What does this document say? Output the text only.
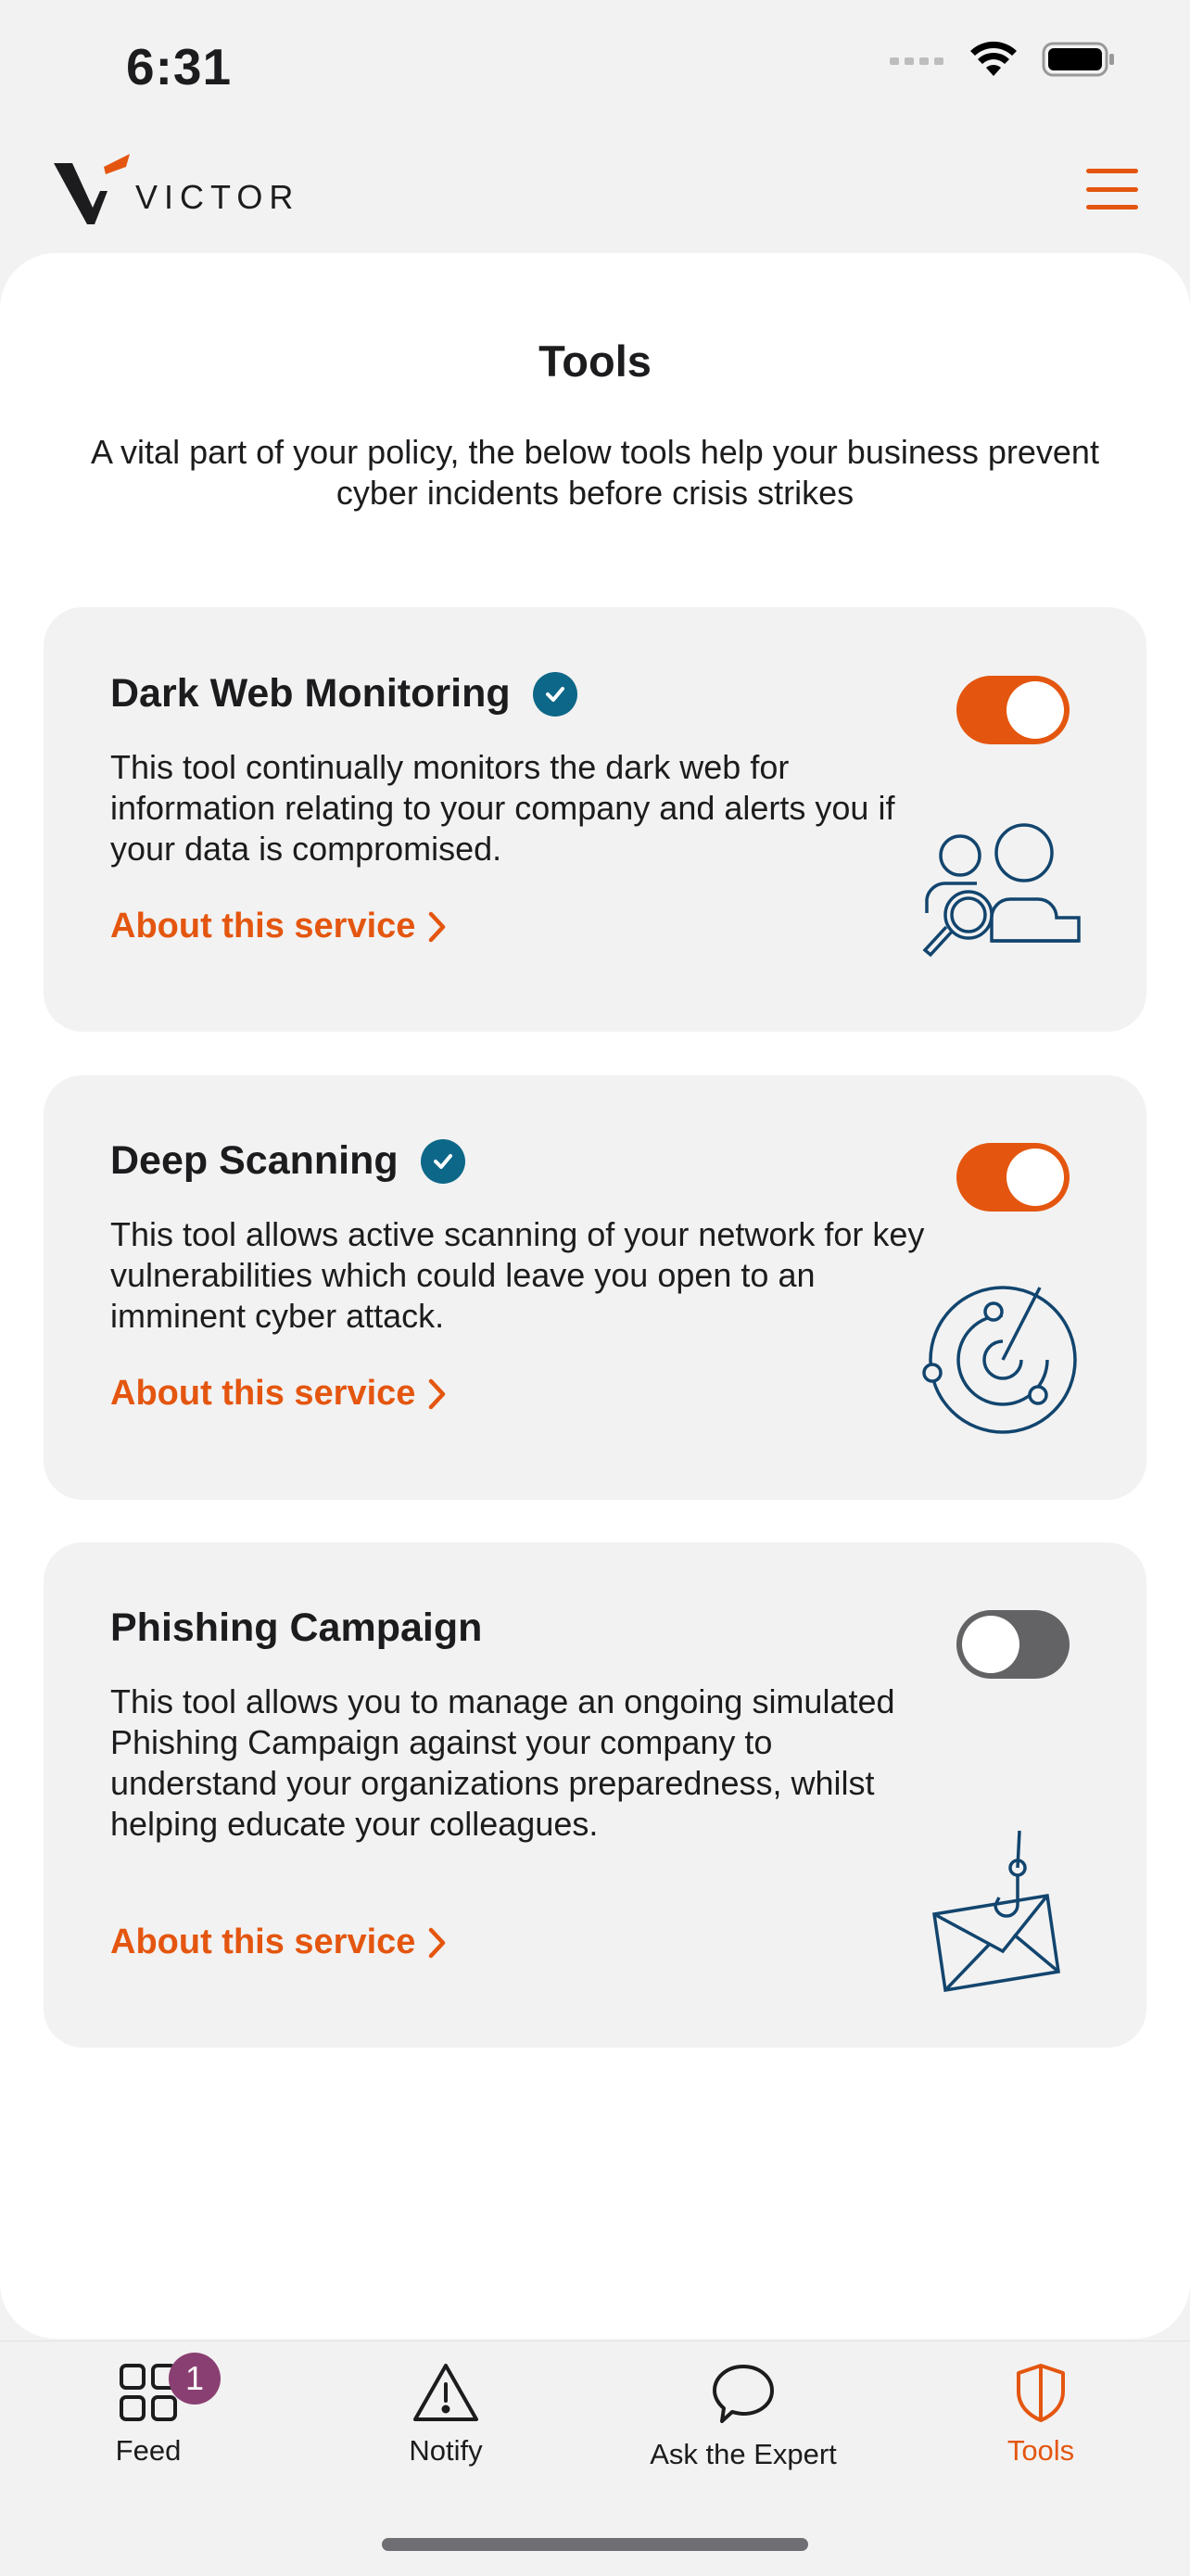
6:31
VICTOR
Tools
A vital part of your policy, the below tools help your business prevent cyber incidents before crisis strikes
Dark Web Monitoring
This tool continually monitors the dark web for information relating to your company and alerts you if your data is compromised.
About this service
Deep Scanning
This tool allows active scanning of your network for key vulnerabilities which could leave you open to an imminent cyber attack.
About this service
Phishing Campaign
This tool allows you to manage an ongoing simulated Phishing Campaign against your company to understand your organizations preparedness, whilst helping educate your colleagues.
About this service
Feed
1
Notify	Ask the Expert	Tools
